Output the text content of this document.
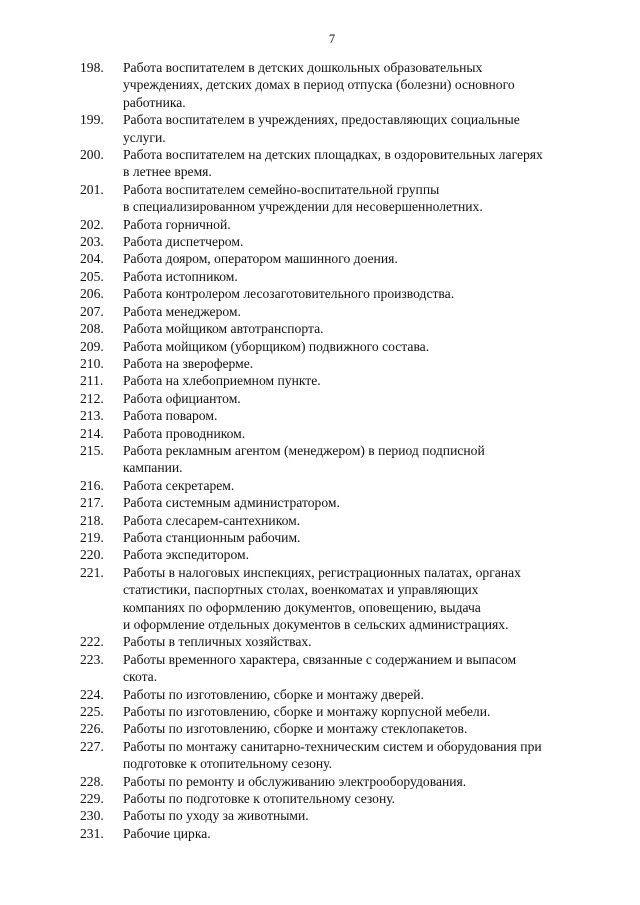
7
198.	Работа воспитателем в детских дошкольных образовательных
учреждениях, детских домах в период отпуска (болезни) основного
работника.
199.	Работа воспитателем в учреждениях, предоставляющих социальные
услуги.
200.	Работа воспитателем на детских площадках, в оздоровительных лагерях
в летнее время.
201.	Работа воспитателем семейно-воспитательной группы
в специализированном учреждении для несовершеннолетних.
202.	Работа горничной.
203.	Работа диспетчером.
204.	Работа дояром, оператором машинного доения.
205.	Работа истопником.
206.	Работа контролером лесозаготовительного производства.
207.	Работа менеджером.
208.	Работа мойщиком автотранспорта.
209.	Работа мойщиком (уборщиком) подвижного состава.
210.	Работа на звероферме.
211.	Работа на хлебоприемном пункте.
212.	Работа официантом.
213.	Работа поваром.
214.	Работа проводником.
215.	Работа рекламным агентом (менеджером) в период подписной
кампании.
216.	Работа секретарем.
217.	Работа системным администратором.
218.	Работа слесарем-сантехником.
219.	Работа станционным рабочим.
220.	Работа экспедитором.
221.	Работы в налоговых инспекциях, регистрационных палатах, органах
статистики, паспортных столах, военкоматах и управляющих
компаниях по оформлению документов, оповещению, выдача
и оформление отдельных документов в сельских администрациях.
222.	Работы в тепличных хозяйствах.
223.	Работы временного характера, связанные с содержанием и выпасом
скота.
224.	Работы по изготовлению, сборке и монтажу дверей.
225.	Работы по изготовлению, сборке и монтажу корпусной мебели.
226.	Работы по изготовлению, сборке и монтажу стеклопакетов.
227.	Работы по монтажу санитарно-техническим систем и оборудования при
подготовке к отопительному сезону.
228.	Работы по ремонту и обслуживанию электрооборудования.
229.	Работы по подготовке к отопительному сезону.
230.	Работы по уходу за животными.
231.	Рабочие цирка.
